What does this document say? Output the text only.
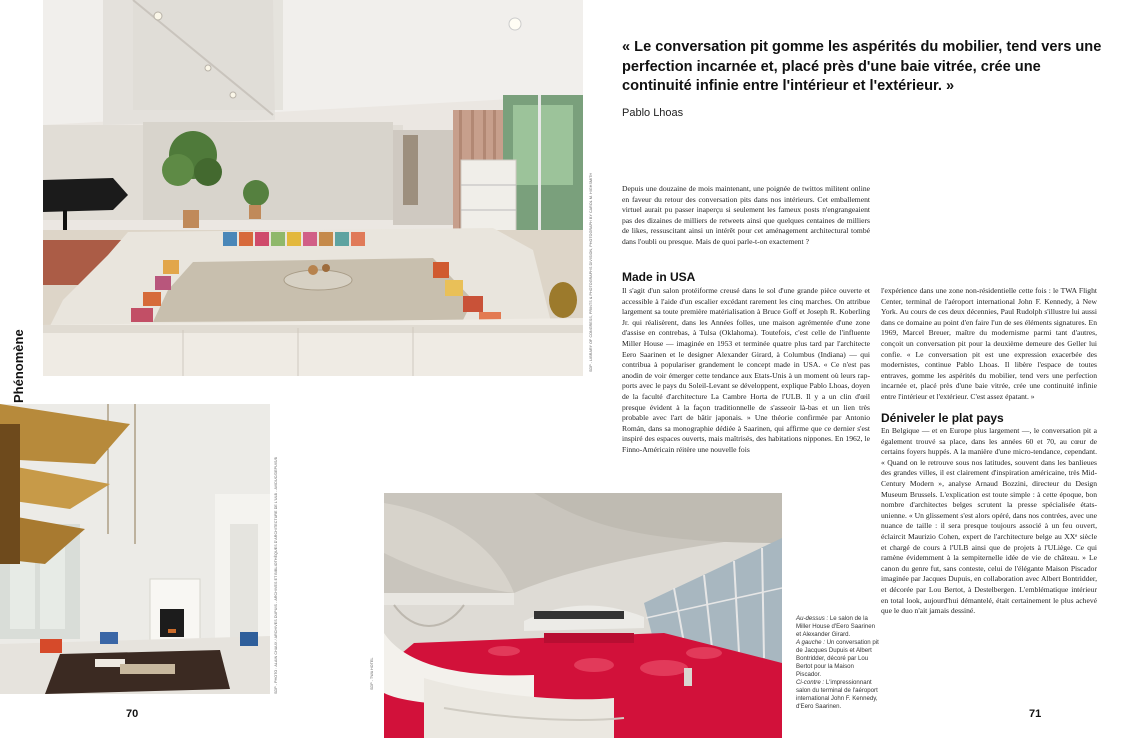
SDP - LIBRARY OF CONGRESS, PRINTS & PHOTOGRAPHS DIVISION, PHOTOGRAPH BY CAROL M. HIGHSMITH
SDP - PHOTO : ALAIN CHAUX / ARCHIVES DUPUIS - ARCHIVES ET BIBLIOTHÈQUES D'ARCHITECTURE DE L'ULB - AVIDUC/DEPUIS/B	SDP - TWA HOTEL
Phénomène
70	71
« Le conversation pit gomme les aspérités du mobilier, tend vers une perfection incarnée et, placé près d'une baie vitrée, crée une continuité infinie entre l'intérieur et l'extérieur. »
Pablo Lhoas

Depuis une douzaine de mois maintenant, une poignée de twittos militent online en faveur du retour des conversation pits dans nos intérieurs. Cet emballement virtuel aurait pu passer inaperçu si seulement les fameux posts n'engrangeaient pas des dizaines de milliers de retweets ainsi que quelques centaines de milliers de likes, ressuscitant ainsi un intérêt pour cet aménagement architectural tombé dans l'oubli ou presque. Mais de quoi parle-t-on exactement ?

Made in USA

Il s'agit d'un salon protéiforme creusé dans le sol d'une grande pièce ouverte et accessible à l'aide d'un escalier excédant rarement les cinq marches. On attribue largement sa toute première matérialisation à Bruce Goff et Joseph R. Koberling Jr. qui réalisèrent, dans les Années folles, une maison agrémentée d'une zone d'assise en contrebas, à Tulsa (Oklahoma). Toutefois, c'est celle de l'influente Miller House — imaginée en 1953 et terminée quatre plus tard par l'architecte Eero Saarinen et le designer Alexander Girard, à Columbus (Indiana) — qui contribua à populariser grandement le concept made in USA. « Ce n'est pas anodin de voir émerger cette tendance aux Etats-Unis à un moment où leurs rapports avec le pays du Soleil-Levant se développent, explique Pablo Lhoas, doyen de la faculté d'architecture La Cambre Horta de l'ULB. Il y a un clin d'œil presque évident à la façon traditionnelle de s'asseoir là-bas et un lien très probable avec l'art de bâtir japonais. » Une théorie confirmée par Antonio Román, dans sa monographie dédiée à Saarinen, qui affirme que ce dernier s'est inspiré des espaces ouverts, mais maîtrisés, des habitations nippones. En 1962, le Finno-Américain réitère une nouvelle fois

l'expérience dans une zone non-résidentielle cette fois : le TWA Flight Center, terminal de l'aéroport international John F. Kennedy, à New York. Au cours de ces deux décennies, Paul Rudolph s'illustre lui aussi dans ce domaine au point d'en faire l'un de ses éléments signatures. En 1969, Marcel Breuer, maître du modernisme parmi tant d'autres, conçoit un conversation pit pour la deuxième demeure des Geller lui confie. « Le conversation pit est une expression exacerbée des modernistes, continue Pablo Lhoas. Il libère l'espace de toutes entraves, gomme les aspérités du mobilier, tend vers une perfection incarnée et, placé près d'une baie vitrée, crée une continuité infinie entre l'intérieur et l'extérieur. C'est assez épatant. »

Déniveler le plat pays

En Belgique — et en Europe plus largement —, le conversation pit a également trouvé sa place, dans les années 60 et 70, au cœur de certains foyers huppés. A la manière d'une micro-tendance, cependant. « Quand on le retrouve sous nos latitudes, souvent dans les banlieues des grandes villes, il est clairement d'inspiration américaine, très Mid-Century Modern », analyse Arnaud Bozzini, directeur du Design Museum Brussels. L'explication est toute simple : à cette époque, bon nombre d'architectes belges scrutent la presse spécialisée états-unienne. « Un glissement s'est alors opéré, dans nos contrées, avec une nuance de taille : il sera presque toujours associé à un feu ouvert, éclaircit Maurizio Cohen, expert de l'architecture belge au XXᵉ siècle et chargé de cours à l'ULB ainsi que de projets à l'ULiège. Ce qui ramène évidemment à la sempiternelle idée de vie de château. » Le canon du genre fut, sans conteste, celui de l'élégante Maison Piscador imaginée par Jacques Dupuis, en collaboration avec Albert Bontridder, et décorée par Lou Bertot, à Destelbergen. L'emblématique intérieur en total look, aujourd'hui démantelé, était certainement le plus achevé que le duo n'ait jamais dessiné.

Au-dessus : Le salon de la Miller House d'Eero Saarinen et Alexander Girard.

A gauche : Un conversation pit de Jacques Dupuis et Albert Bontridder, décoré par Lou Bertot pour la Maison Piscador.

Ci-contre : L'impressionnant salon du terminal de l'aéroport international John F. Kennedy, d'Eero Saarinen.
